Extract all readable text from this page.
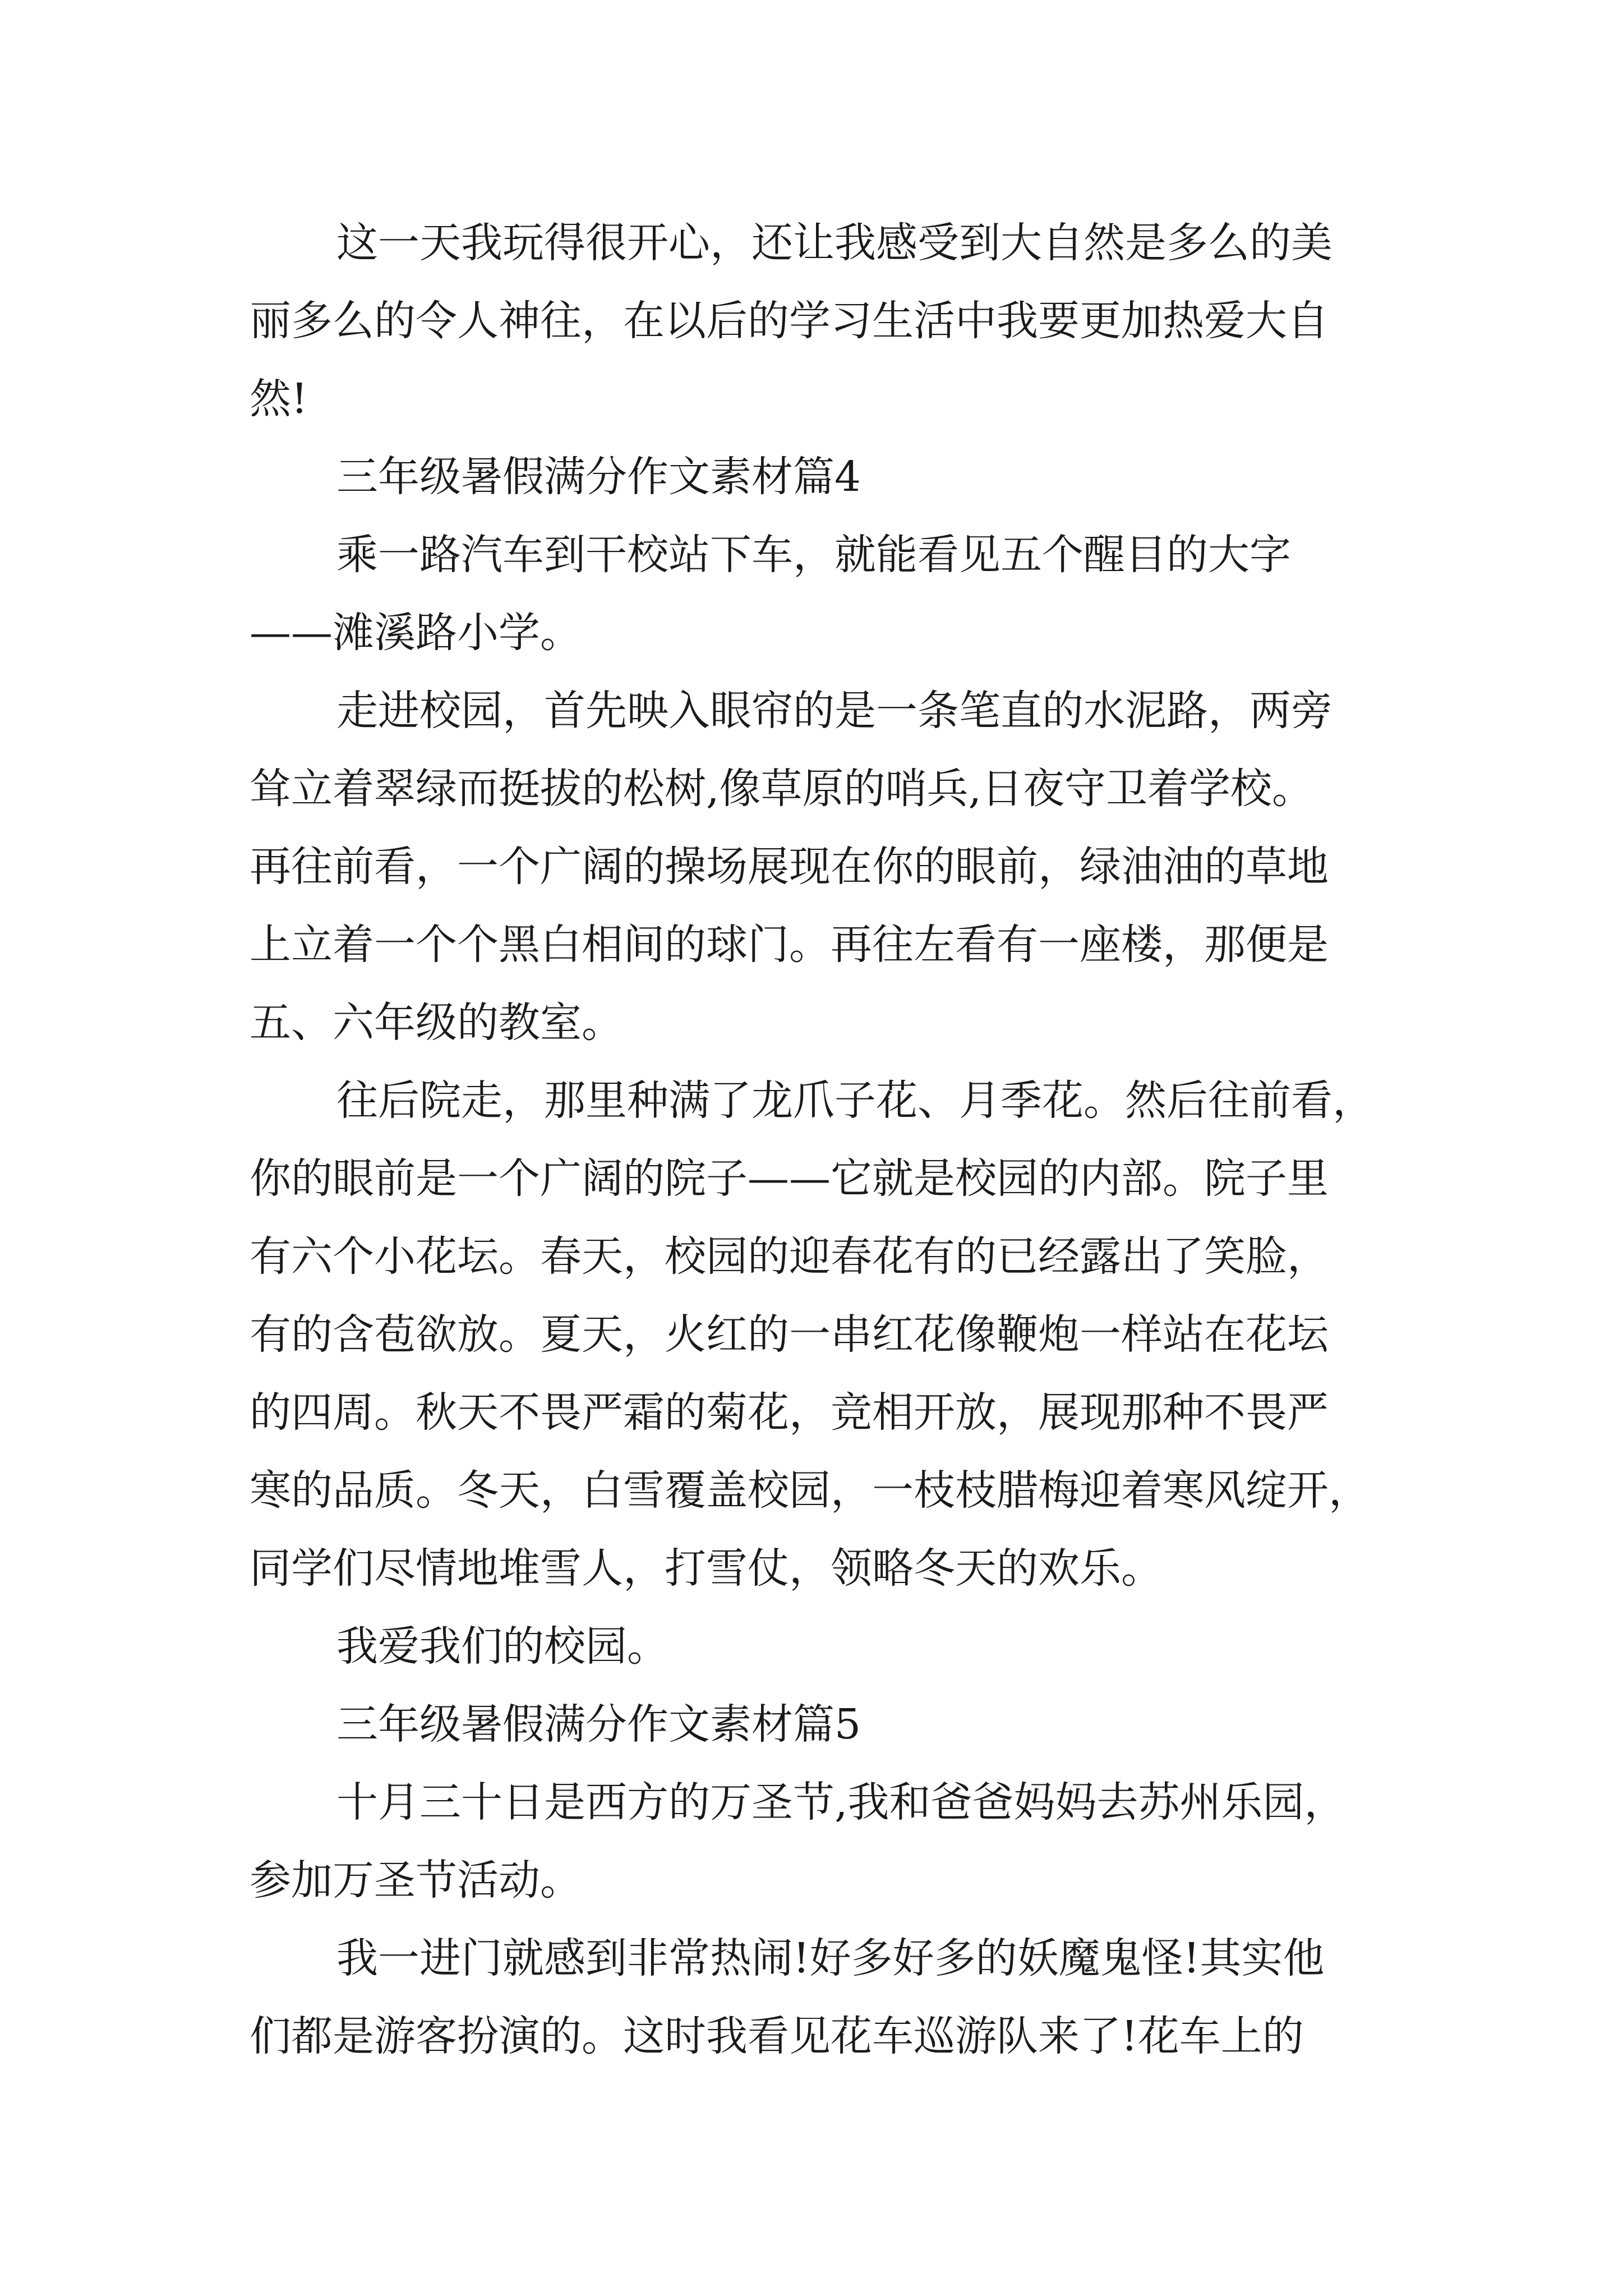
这一天我玩得很开心，还让我感受到大自然是多么的美

丽多么的令人神往，在以后的学习生活中我要更加热爱大自

然!

三年级暑假满分作文素材篇4

乘一路汽车到干校站下车，就能看见五个醒目的大字

——滩溪路小学。

走进校园，首先映入眼帘的是一条笔直的水泥路，两旁

耸立着翠绿而挺拔的松树,像草原的哨兵,日夜守卫着学校。

再往前看，一个广阔的操场展现在你的眼前，绿油油的草地

上立着一个个黑白相间的球门。再往左看有一座楼，那便是

五、六年级的教室。

往后院走，那里种满了龙爪子花、月季花。然后往前看，

你的眼前是一个广阔的院子——它就是校园的内部。院子里

有六个小花坛。春天，校园的迎春花有的已经露出了笑脸，

有的含苞欲放。夏天，火红的一串红花像鞭炮一样站在花坛

的四周。秋天不畏严霜的菊花，竞相开放，展现那种不畏严

寒的品质。冬天，白雪覆盖校园，一枝枝腊梅迎着寒风绽开，

同学们尽情地堆雪人，打雪仗，领略冬天的欢乐。

我爱我们的校园。

三年级暑假满分作文素材篇5

十月三十日是西方的万圣节,我和爸爸妈妈去苏州乐园，

参加万圣节活动。

我一进门就感到非常热闹!好多好多的妖魔鬼怪!其实他

们都是游客扮演的。这时我看见花车巡游队来了!花车上的
